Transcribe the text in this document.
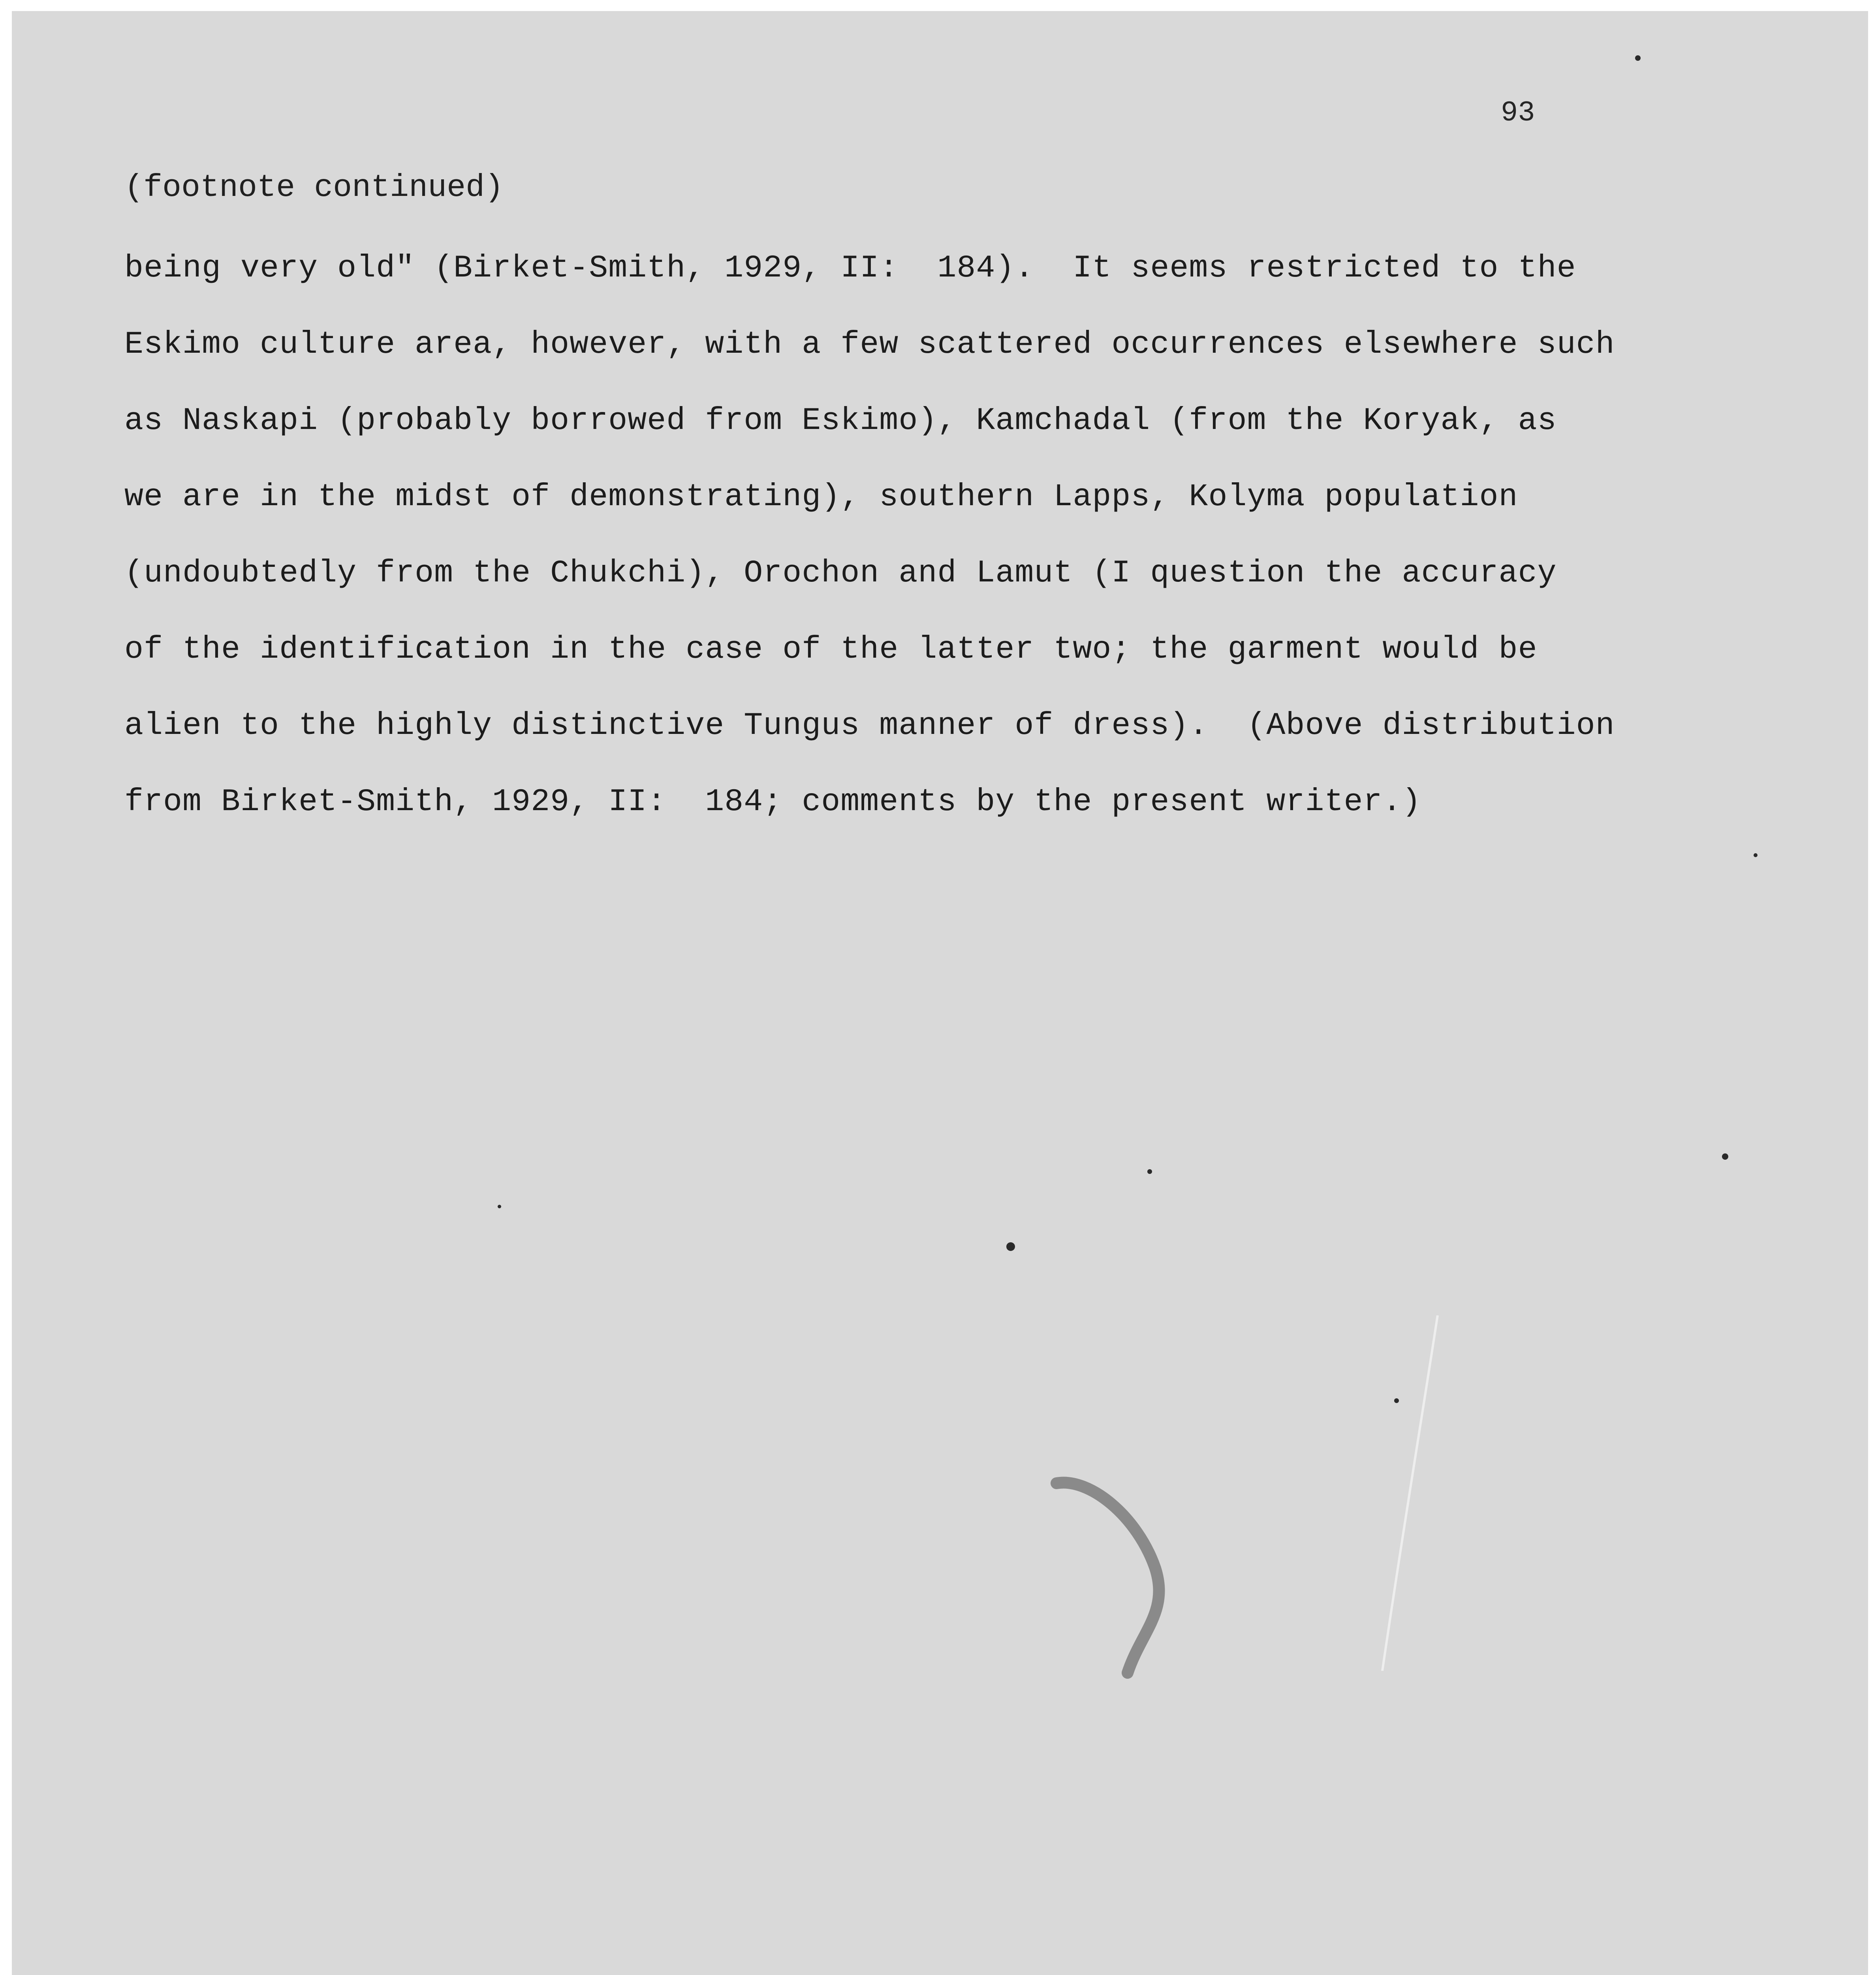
93
(footnote continued)
being very old" (Birket-Smith, 1929, II:  184).  It seems restricted to the
Eskimo culture area, however, with a few scattered occurrences elsewhere such
as Naskapi (probably borrowed from Eskimo), Kamchadal (from the Koryak, as
we are in the midst of demonstrating), southern Lapps, Kolyma population
(undoubtedly from the Chukchi), Orochon and Lamut (I question the accuracy
of the identification in the case of the latter two; the garment would be
alien to the highly distinctive Tungus manner of dress).  (Above distribution
from Birket-Smith, 1929, II:  184; comments by the present writer.)
